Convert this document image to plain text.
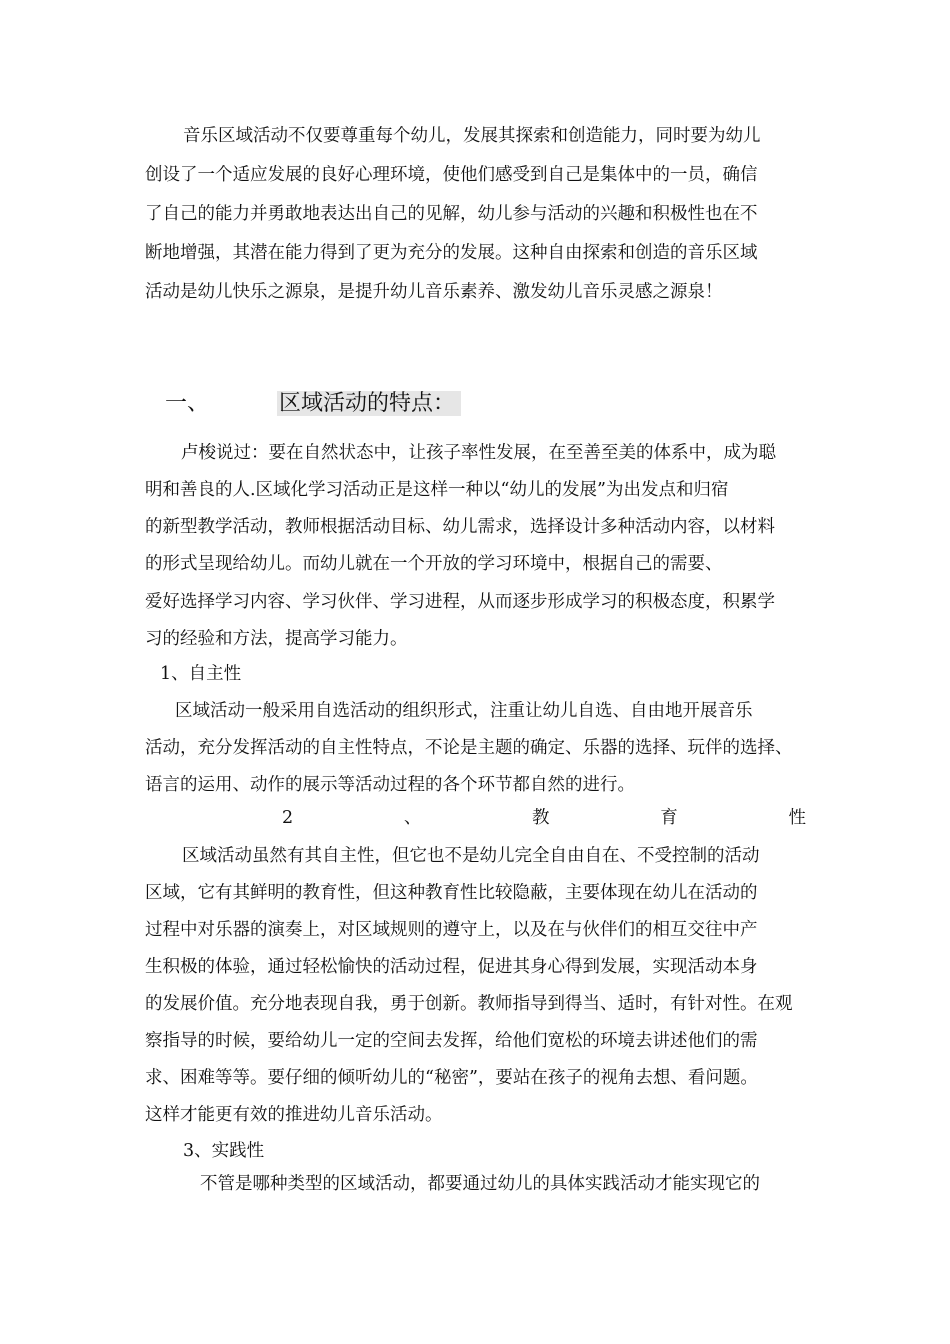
音乐区域活动不仅要尊重每个幼儿，发展其探索和创造能力，同时要为幼儿
创设了一个适应发展的良好心理环境，使他们感受到自己是集体中的一员，确信
了自己的能力并勇敢地表达出自己的见解，幼儿参与活动的兴趣和积极性也在不
断地增强，其潜在能力得到了更为充分的发展。这种自由探索和创造的音乐区域
活动是幼儿快乐之源泉，是提升幼儿音乐素养、激发幼儿音乐灵感之源泉！
一、	区域活动的特点：
卢梭说过：要在自然状态中，让孩子率性发展，在至善至美的体系中，成为聪
明和善良的人.区域化学习活动正是这样一种以“幼儿的发展”为出发点和归宿
的新型教学活动，教师根据活动目标、幼儿需求，选择设计多种活动内容，以材料
的形式呈现给幼儿。而幼儿就在一个开放的学习环境中，根据自己的需要、
爱好选择学习内容、学习伙伴、学习进程，从而逐步形成学习的积极态度，积累学
习的经验和方法，提高学习能力。
1、自主性
区域活动一般采用自选活动的组织形式，注重让幼儿自选、自由地开展音乐
活动，充分发挥活动的自主性特点，不论是主题的确定、乐器的选择、玩伴的选择、
语言的运用、动作的展示等活动过程的各个环节都自然的进行。
2	、	教	育	性
区域活动虽然有其自主性，但它也不是幼儿完全自由自在、不受控制的活动
区域，它有其鲜明的教育性，但这种教育性比较隐蔽，主要体现在幼儿在活动的
过程中对乐器的演奏上，对区域规则的遵守上，以及在与伙伴们的相互交往中产
生积极的体验，通过轻松愉快的活动过程，促进其身心得到发展，实现活动本身
的发展价值。充分地表现自我，勇于创新。教师指导到得当、适时，有针对性。在观
察指导的时候，要给幼儿一定的空间去发挥，给他们宽松的环境去讲述他们的需
求、困难等等。要仔细的倾听幼儿的“秘密”，要站在孩子的视角去想、看问题。
这样才能更有效的推进幼儿音乐活动。
3、实践性
不管是哪种类型的区域活动，都要通过幼儿的具体实践活动才能实现它的
